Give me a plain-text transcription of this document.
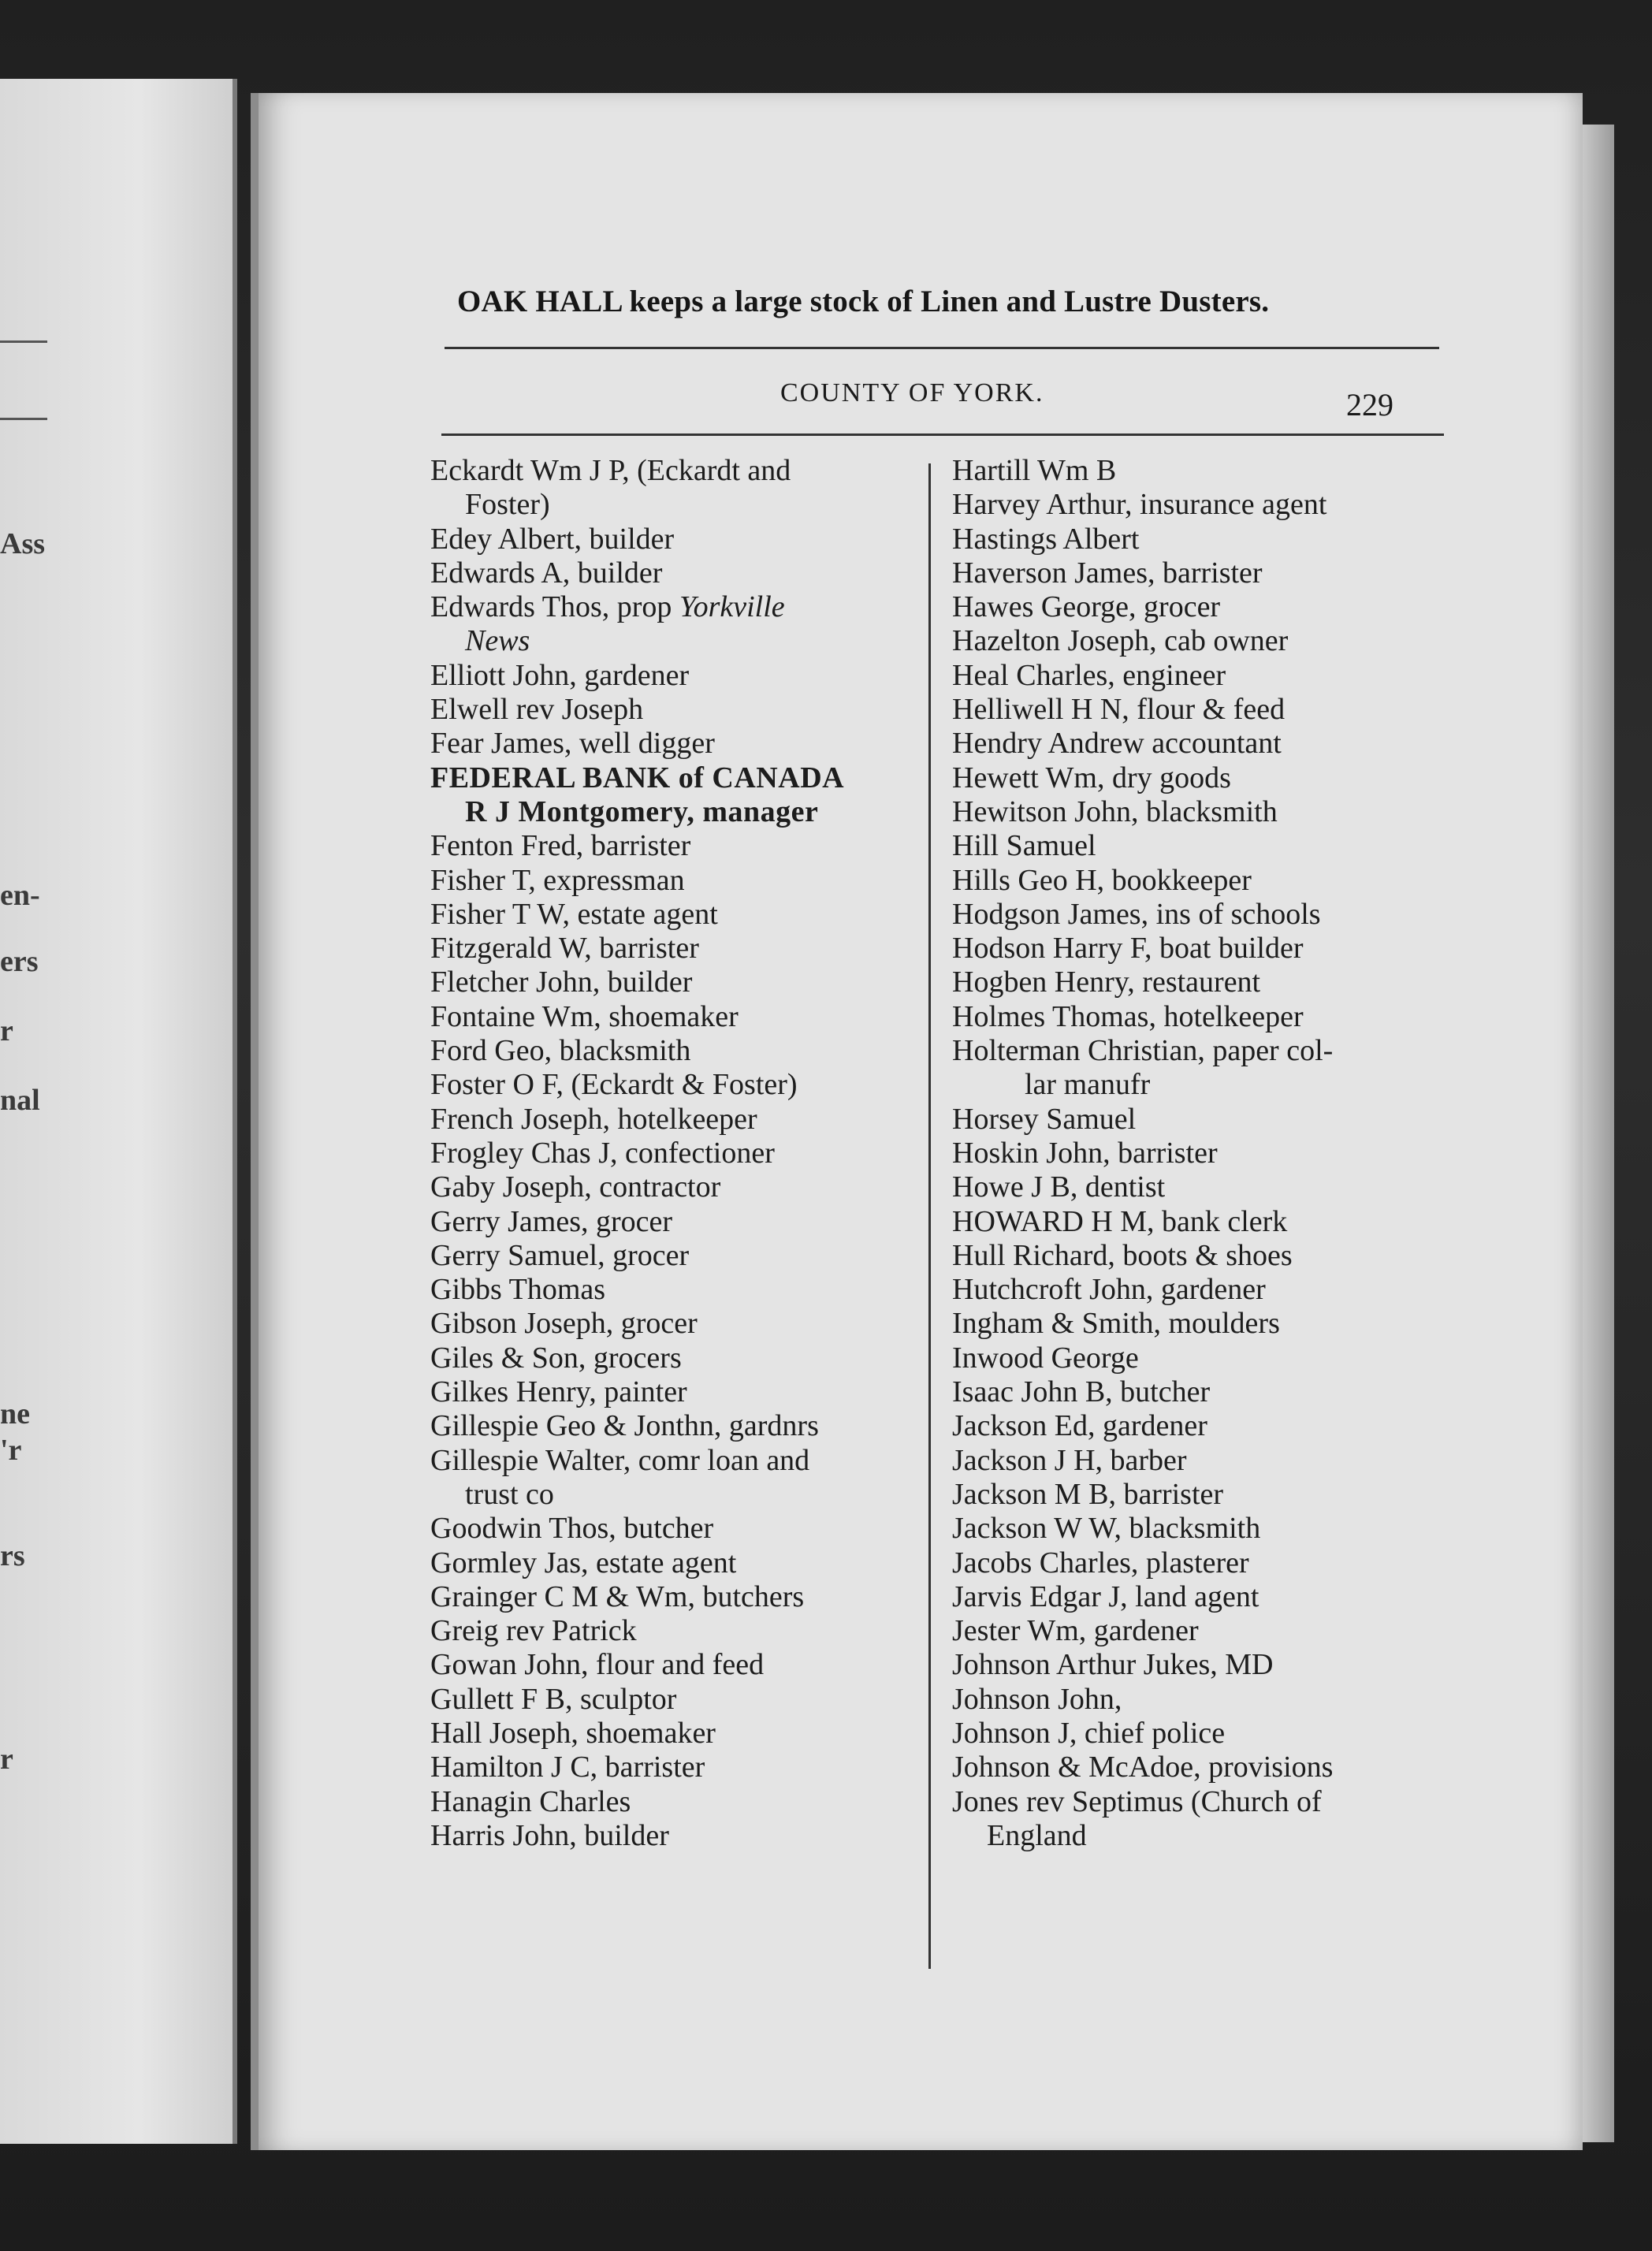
Ass
en-
ers
r
nal
ne
'r
rs
r
OAK HALL keeps a large stock of Linen and Lustre Dusters.
COUNTY OF YORK.	229
Eckardt Wm J P, (Eckardt and
Foster)
Edey Albert, builder
Edwards A, builder
Edwards Thos, prop Yorkville
News
Elliott John, gardener
Elwell rev Joseph
Fear James, well digger
FEDERAL BANK of CANADA
R J Montgomery, manager
Fenton Fred, barrister
Fisher T, expressman
Fisher T W, estate agent
Fitzgerald W, barrister
Fletcher John, builder
Fontaine Wm, shoemaker
Ford Geo, blacksmith
Foster O F, (Eckardt & Foster)
French Joseph, hotelkeeper
Frogley Chas J, confectioner
Gaby Joseph, contractor
Gerry James, grocer
Gerry Samuel, grocer
Gibbs Thomas
Gibson Joseph, grocer
Giles & Son, grocers
Gilkes Henry, painter
Gillespie Geo & Jonthn, gardnrs
Gillespie Walter, comr loan and
trust co
Goodwin Thos, butcher
Gormley Jas, estate agent
Grainger C M & Wm, butchers
Greig rev Patrick
Gowan John, flour and feed
Gullett F B, sculptor
Hall Joseph, shoemaker
Hamilton J C, barrister
Hanagin Charles
Harris John, builder
Hartill Wm B
Harvey Arthur, insurance agent
Hastings Albert
Haverson James, barrister
Hawes George, grocer
Hazelton Joseph, cab owner
Heal Charles, engineer
Helliwell H N, flour & feed
Hendry Andrew accountant
Hewett Wm, dry goods
Hewitson John, blacksmith
Hill Samuel
Hills Geo H, bookkeeper
Hodgson James, ins of schools
Hodson Harry F, boat builder
Hogben Henry, restaurent
Holmes Thomas, hotelkeeper
Holterman Christian, paper col-
lar manufr
Horsey Samuel
Hoskin John, barrister
Howe J B, dentist
HOWARD H M, bank clerk
Hull Richard, boots & shoes
Hutchcroft John, gardener
Ingham & Smith, moulders
Inwood George
Isaac John B, butcher
Jackson Ed, gardener
Jackson J H, barber
Jackson M B, barrister
Jackson W W, blacksmith
Jacobs Charles, plasterer
Jarvis Edgar J, land agent
Jester Wm, gardener
Johnson Arthur Jukes, MD
Johnson John,
Johnson J, chief police
Johnson & McAdoe, provisions
Jones rev Septimus (Church of
England
